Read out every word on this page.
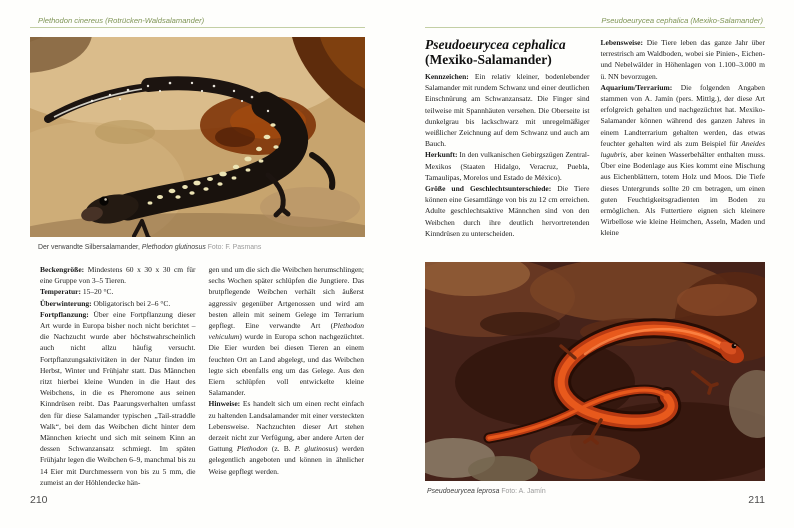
Plethodon cinereus (Rotrücken-Waldsalamander)	Pseudoeurycea cephalica (Mexiko-Salamander)
Der verwandte Silbersalamander, Plethodon glutinosus Foto: F. Pasmans

Beckengröße: Mindestens 60 x 30 x 30 cm für eine Gruppe von 3–5 Tieren.

Temperatur: 15–20 °C.

Überwinterung: Obligatorisch bei 2–6 °C.

Fortpflanzung: Über eine Fortpflanzung dieser Art wurde in Europa bisher noch nicht berichtet – die Nachzucht wurde aber höchstwahrscheinlich auch nicht allzu häufig versucht. Fortpflanzungsaktivitäten in der Natur finden im Herbst, Winter und Frühjahr statt. Das Männchen ritzt hierbei kleine Wunden in die Haut des Weibchens, in die es Pheromone aus seinen Kinndrüsen reibt. Das Paarungsverhalten umfasst den für diese Salamander typischen „Tail-straddle Walk“, bei dem das Weibchen dicht hinter dem Männchen kriecht und sich mit seinem Kinn an dessen Schwanzansatz schmiegt. Im späten Frühjahr legen die Weibchen 6–9, manchmal bis zu 14 Eier mit Durchmessern von bis zu 5 mm, die zumeist an der Höhlendecke hän-

gen und um die sich die Weibchen herumschlingen; sechs Wochen später schlüpfen die Jungtiere. Das brutpflegende Weibchen verhält sich äußerst aggressiv gegenüber Artgenossen und wird am besten allein mit seinem Gelege im Terrarium gepflegt. Eine verwandte Art (Plethodon vehiculum) wurde in Europa schon nachgezüchtet. Die Eier wurden bei diesen Tieren an einem feuchten Ort an Land abgelegt, und das Weibchen legte sich ebenfalls eng um das Gelege. Aus den Eiern schlüpfen voll entwickelte kleine Salamander.

Hinweise: Es handelt sich um einen recht einfach zu haltenden Landsalamander mit einer versteckten Lebensweise. Nachzuchten dieser Art stehen derzeit nicht zur Verfügung, aber andere Arten der Gattung Plethodon (z. B. P. glutinosus) werden gelegentlich angeboten und können in ähnlicher Weise gepflegt werden.

210
Pseudoeurycea cephalica
(Mexiko-Salamander)

Kennzeichen: Ein relativ kleiner, bodenlebender Salamander mit rundem Schwanz und einer deutlichen Einschnürung am Schwanzansatz. Die Finger sind teilweise mit Spannhäuten versehen. Die Oberseite ist dunkelgrau bis lackschwarz mit unregelmäßiger weißlicher Zeichnung auf dem Schwanz und auch am Bauch.

Herkunft: In den vulkanischen Gebirgszügen Zentral-Mexikos (Staaten Hidalgo, Veracruz, Puebla, Tamaulipas, Morelos und Estado de México).

Größe und Geschlechtsunterschiede: Die Tiere können eine Gesamtlänge von bis zu 12 cm erreichen. Adulte geschlechtsaktive Männchen sind von den Weibchen durch ihre deutlich hervortretenden Kinndrüsen zu unterscheiden.

Lebensweise: Die Tiere leben das ganze Jahr über terrestrisch am Waldboden, wobei sie Pinien-, Eichen- und Nebelwälder in Höhenlagen von 1.100–3.000 m ü. NN bevorzugen.

Aquarium/Terrarium: Die folgenden Angaben stammen von A. Jamín (pers. Mittlg.), der diese Art erfolgreich gehalten und nachgezüchtet hat. Mexiko-Salamander können während des ganzen Jahres in einem Landterrarium gehalten werden, das etwas feuchter gehalten wird als zum Beispiel für Aneides lugubris, aber keinen Wasserbehälter enthalten muss. Über eine Bodenlage aus Kies kommt eine Mischung aus Eichenblättern, totem Holz und Moos. Die Tiefe dieses Untergrunds sollte 20 cm betragen, um einen guten Feuchtigkeitsgradienten im Boden zu ermöglichen. Als Futtertiere eignen sich kleinere Wirbellose wie kleine Heimchen, Asseln, Maden und kleine

Pseudoeurycea leprosa Foto: A. Jamín
211
